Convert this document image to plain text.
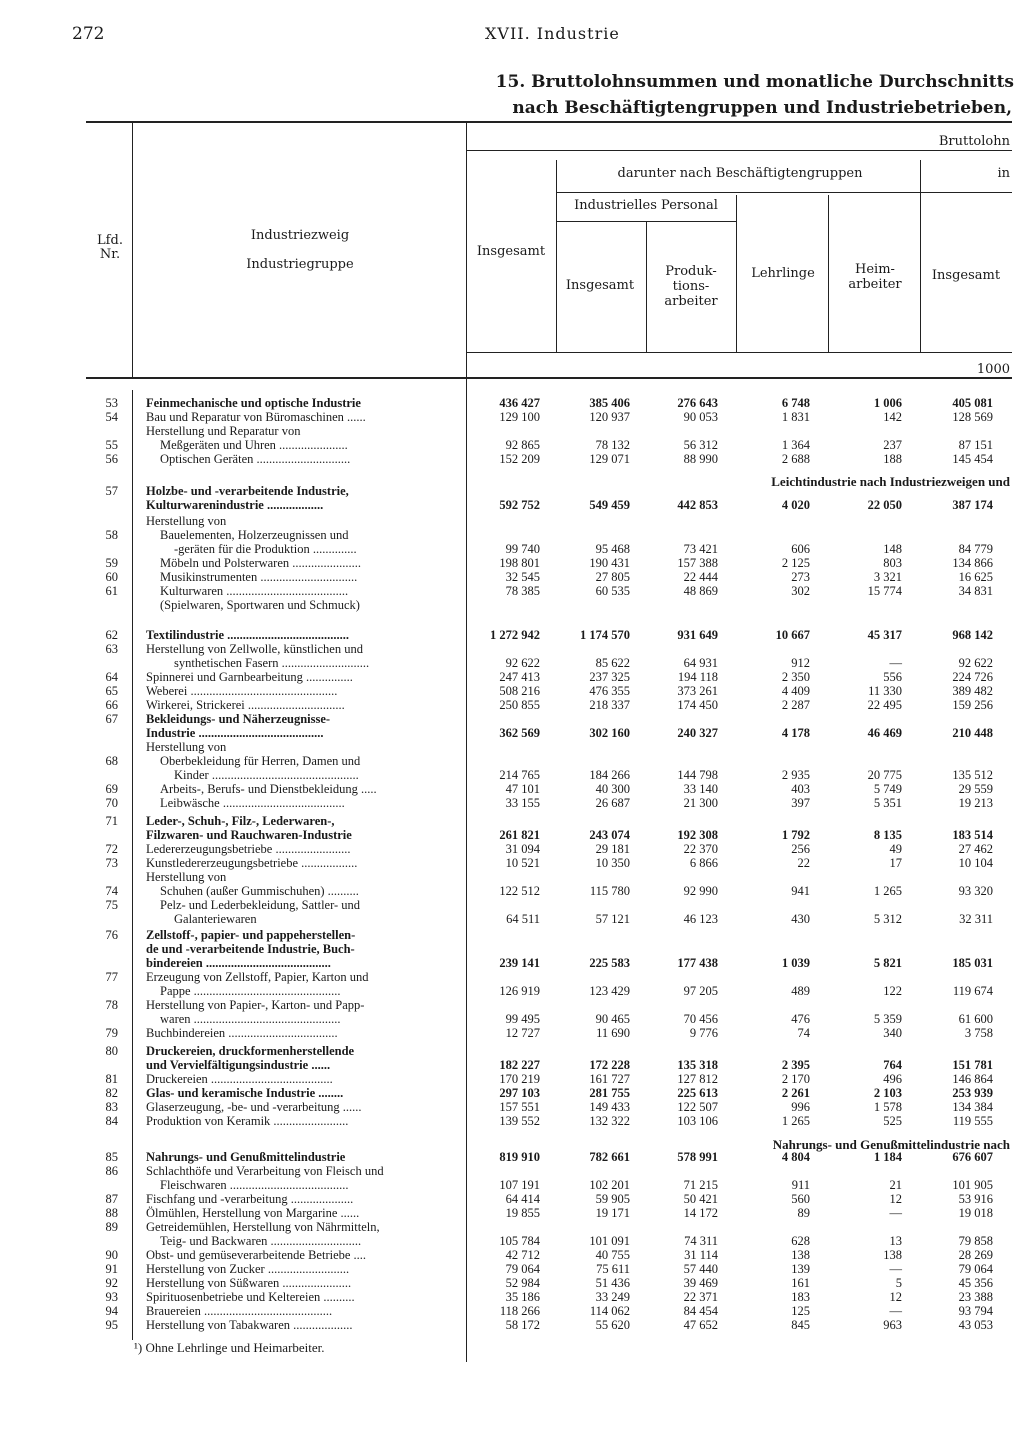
272	XVII. Industrie
15. Bruttolohnsummen und monatliche Durchschnitts
nach Beschäftigtengruppen und Industriebetrieben,
Lfd.
Nr.
Industriezweig
Industriegruppe
Bruttolohn
darunter nach Beschäftigtengruppen	in
Industrielles Personal
Insgesamt
Insgesamt
Produk-
tions-
arbeiter
Lehrlinge	Heim-
arbeiter
Insgesamt
1000
Leichtindustrie nach Industriezweigen und
Nahrungs- und Genußmittelindustrie nach
53 Feinmechanische und optische Industrie	436 427	385 406	276 643	6 748	1 006	405 081
54 Bau und Reparatur von Büromaschinen ......	129 100	120 937	90 053	1 831	142	128 569
Herstellung und Reparatur von
55	Meßgeräten und Uhren ......................	92 865	78 132	56 312	1 364	237	87 151
56	Optischen Geräten ..............................	152 209	129 071	88 990	2 688	188	145 454
57 Holzbe- und -verarbeitende Industrie,
Kulturwarenindustrie ..................	592 752	549 459	442 853	4 020	22 050	387 174
Herstellung von
58	Bauelementen, Holzerzeugnissen und
-geräten für die Produktion ..............	99 740	95 468	73 421	606	148	84 779
59	Möbeln und Polsterwaren ......................	198 801	190 431	157 388	2 125	803	134 866
60	Musikinstrumenten ...............................	32 545	27 805	22 444	273	3 321	16 625
61	Kulturwaren .......................................	78 385	60 535	48 869	302	15 774	34 831
(Spielwaren, Sportwaren und Schmuck)
62 Textilindustrie .......................................	1 272 942	1 174 570	931 649	10 667	45 317	968 142
63 Herstellung von Zellwolle, künstlichen und
synthetischen Fasern ............................	92 622	85 622	64 931	912	—	92 622
64 Spinnerei und Garnbearbeitung ...............	247 413	237 325	194 118	2 350	556	224 726
65 Weberei ...............................................	508 216	476 355	373 261	4 409	11 330	389 482
66 Wirkerei, Strickerei ...............................	250 855	218 337	174 450	2 287	22 495	159 256
67 Bekleidungs- und Näherzeugnisse-
Industrie ........................................	362 569	302 160	240 327	4 178	46 469	210 448
Herstellung von
68	Oberbekleidung für Herren, Damen und
Kinder ...............................................	214 765	184 266	144 798	2 935	20 775	135 512
69	Arbeits-, Berufs- und Dienstbekleidung .....	47 101	40 300	33 140	403	5 749	29 559
70	Leibwäsche .......................................	33 155	26 687	21 300	397	5 351	19 213
71 Leder-, Schuh-, Filz-, Lederwaren-,
Filzwaren- und Rauchwaren-Industrie	261 821	243 074	192 308	1 792	8 135	183 514
72 Ledererzeugungsbetriebe ........................	31 094	29 181	22 370	256	49	27 462
73 Kunstledererzeugungsbetriebe ..................	10 521	10 350	6 866	22	17	10 104
Herstellung von
74	Schuhen (außer Gummischuhen) ..........	122 512	115 780	92 990	941	1 265	93 320
75	Pelz- und Lederbekleidung, Sattler- und
Galanteriewaren	64 511	57 121	46 123	430	5 312	32 311
76 Zellstoff-, papier- und pappeherstellen-
de und -verarbeitende Industrie, Buch-
bindereien ........................................	239 141	225 583	177 438	1 039	5 821	185 031
77 Erzeugung von Zellstoff, Papier, Karton und
Pappe ...............................................	126 919	123 429	97 205	489	122	119 674
78 Herstellung von Papier-, Karton- und Papp-
waren ...............................................	99 495	90 465	70 456	476	5 359	61 600
79 Buchbindereien ...................................	12 727	11 690	9 776	74	340	3 758
80 Druckereien, druckformenherstellende
und Vervielfältigungsindustrie ......	182 227	172 228	135 318	2 395	764	151 781
81 Druckereien .......................................	170 219	161 727	127 812	2 170	496	146 864
82 Glas- und keramische Industrie ........	297 103	281 755	225 613	2 261	2 103	253 939
83 Glaserzeugung, -be- und -verarbeitung ......	157 551	149 433	122 507	996	1 578	134 384
84 Produktion von Keramik ........................	139 552	132 322	103 106	1 265	525	119 555
85 Nahrungs- und Genußmittelindustrie	819 910	782 661	578 991	4 804	1 184	676 607
86 Schlachthöfe und Verarbeitung von Fleisch und
Fleischwaren ......................................	107 191	102 201	71 215	911	21	101 905
87 Fischfang und -verarbeitung ....................	64 414	59 905	50 421	560	12	53 916
88 Ölmühlen, Herstellung von Margarine ......	19 855	19 171	14 172	89	—	19 018
89 Getreidemühlen, Herstellung von Nährmitteln,
Teig- und Backwaren .............................	105 784	101 091	74 311	628	13	79 858
90 Obst- und gemüseverarbeitende Betriebe ....	42 712	40 755	31 114	138	138	28 269
91 Herstellung von Zucker ..........................	79 064	75 611	57 440	139	—	79 064
92 Herstellung von Süßwaren ......................	52 984	51 436	39 469	161	5	45 356
93 Spirituosenbetriebe und Keltereien ..........	35 186	33 249	22 371	183	12	23 388
94 Brauereien .........................................	118 266	114 062	84 454	125	—	93 794
95 Herstellung von Tabakwaren ...................	58 172	55 620	47 652	845	963	43 053
¹) Ohne Lehrlinge und Heimarbeiter.
